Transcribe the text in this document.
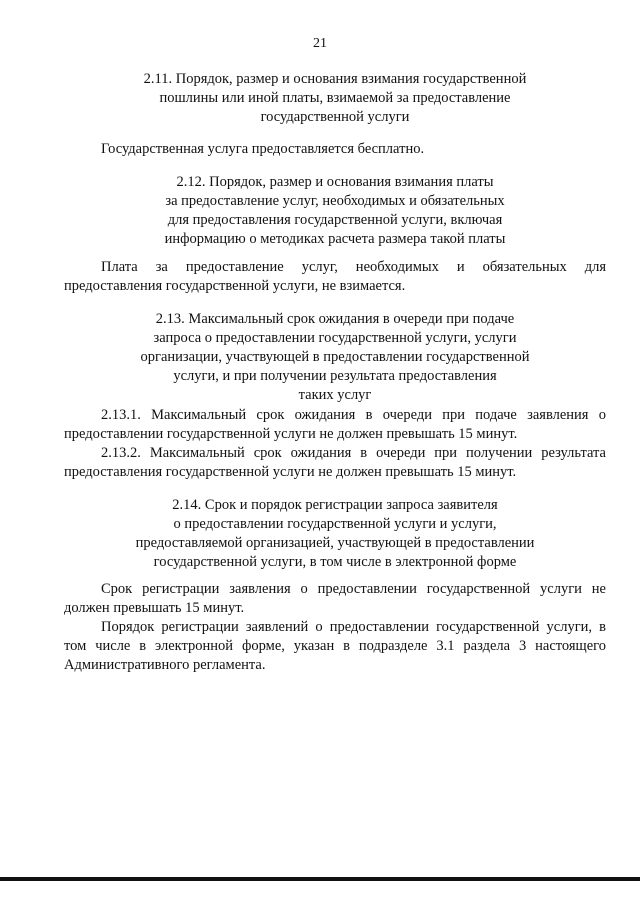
21
2.11. Порядок, размер и основания взимания государственной
пошлины или иной платы, взимаемой за предоставление
государственной услуги
Государственная услуга предоставляется бесплатно.
2.12. Порядок, размер и основания взимания платы
за предоставление услуг, необходимых и обязательных
для предоставления государственной услуги, включая
информацию о методиках расчета размера такой платы
Плата за предоставление услуг, необходимых и обязательных для предоставления государственной услуги, не взимается.
2.13. Максимальный срок ожидания в очереди при подаче
запроса о предоставлении государственной услуги, услуги
организации, участвующей в предоставлении государственной
услуги, и при получении результата предоставления
таких услуг
2.13.1. Максимальный срок ожидания в очереди при подаче заявления о предоставлении государственной услуги не должен превышать 15 минут.
2.13.2. Максимальный срок ожидания в очереди при получении результата предоставления государственной услуги не должен превышать 15 минут.
2.14. Срок и порядок регистрации запроса заявителя
о предоставлении государственной услуги и услуги,
предоставляемой организацией, участвующей в предоставлении
государственной услуги, в том числе в электронной форме
Срок регистрации заявления о предоставлении государственной услуги не должен превышать 15 минут.
Порядок регистрации заявлений о предоставлении государственной услуги, в том числе в электронной форме, указан в подразделе 3.1 раздела 3 настоящего Административного регламента.
